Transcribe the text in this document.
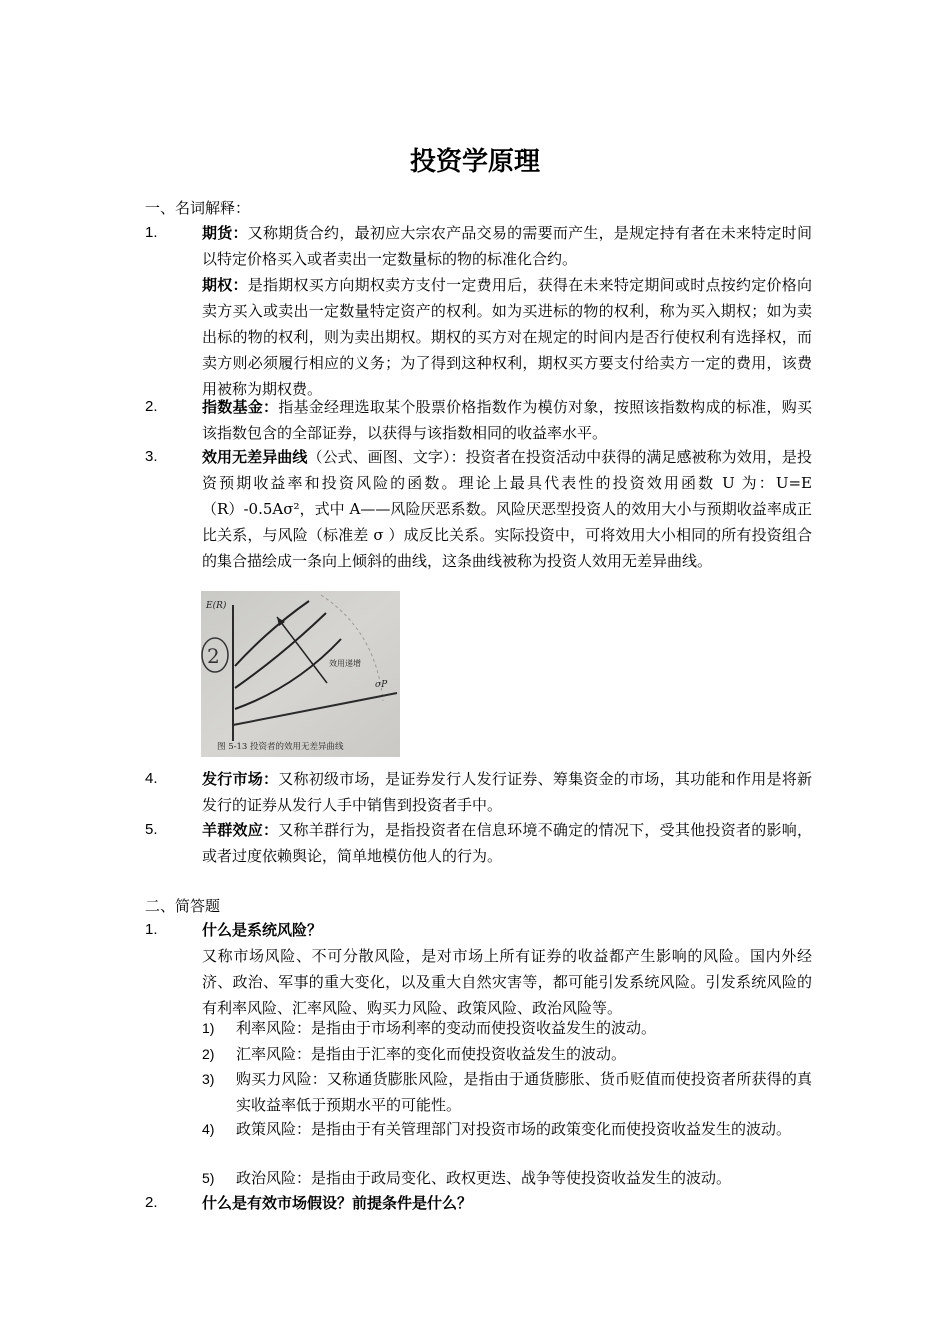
投资学原理
一、名词解释：
1.	期货：又称期货合约，最初应大宗农产品交易的需要而产生，是规定持有者在未来特定时间以特定价格买入或者卖出一定数量标的物的标准化合约。
期权：是指期权买方向期权卖方支付一定费用后，获得在未来特定期间或时点按约定价格向卖方买入或卖出一定数量特定资产的权利。如为买进标的物的权利，称为买入期权；如为卖出标的物的权利，则为卖出期权。期权的买方对在规定的时间内是否行使权利有选择权，而卖方则必须履行相应的义务；为了得到这种权利，期权买方要支付给卖方一定的费用，该费用被称为期权费。
2.	指数基金：指基金经理选取某个股票价格指数作为模仿对象，按照该指数构成的标准，购买该指数包含的全部证券，以获得与该指数相同的收益率水平。
3.	效用无差异曲线（公式、画图、文字）：投资者在投资活动中获得的满足感被称为效用，是投资预期收益率和投资风险的函数。理论上最具代表性的投资效用函数 U 为：U=E（R）-0.5Aσ²，式中 A——风险厌恶系数。风险厌恶型投资人的效用大小与预期收益率成正比关系，与风险（标准差 σ ）成反比关系。实际投资中，可将效用大小相同的所有投资组合的集合描绘成一条向上倾斜的曲线，这条曲线被称为投资人效用无差异曲线。
E(R)
σP
效用递增
2
图 5-13 投资者的效用无差异曲线
4.	发行市场：又称初级市场，是证券发行人发行证券、筹集资金的市场，其功能和作用是将新发行的证券从发行人手中销售到投资者手中。
5.	羊群效应：又称羊群行为，是指投资者在信息环境不确定的情况下，受其他投资者的影响，或者过度依赖舆论，简单地模仿他人的行为。
二、简答题
1.	什么是系统风险？
又称市场风险、不可分散风险，是对市场上所有证券的收益都产生影响的风险。国内外经济、政治、军事的重大变化，以及重大自然灾害等，都可能引发系统风险。引发系统风险的有利率风险、汇率风险、购买力风险、政策风险、政治风险等。
1) 利率风险：是指由于市场利率的变动而使投资收益发生的波动。
2) 汇率风险：是指由于汇率的变化而使投资收益发生的波动。
3) 购买力风险：又称通货膨胀风险，是指由于通货膨胀、货币贬值而使投资者所获得的真实收益率低于预期水平的可能性。
4) 政策风险：是指由于有关管理部门对投资市场的政策变化而使投资收益发生的波动。
5) 政治风险：是指由于政局变化、政权更迭、战争等使投资收益发生的波动。
2.	什么是有效市场假设？前提条件是什么？
